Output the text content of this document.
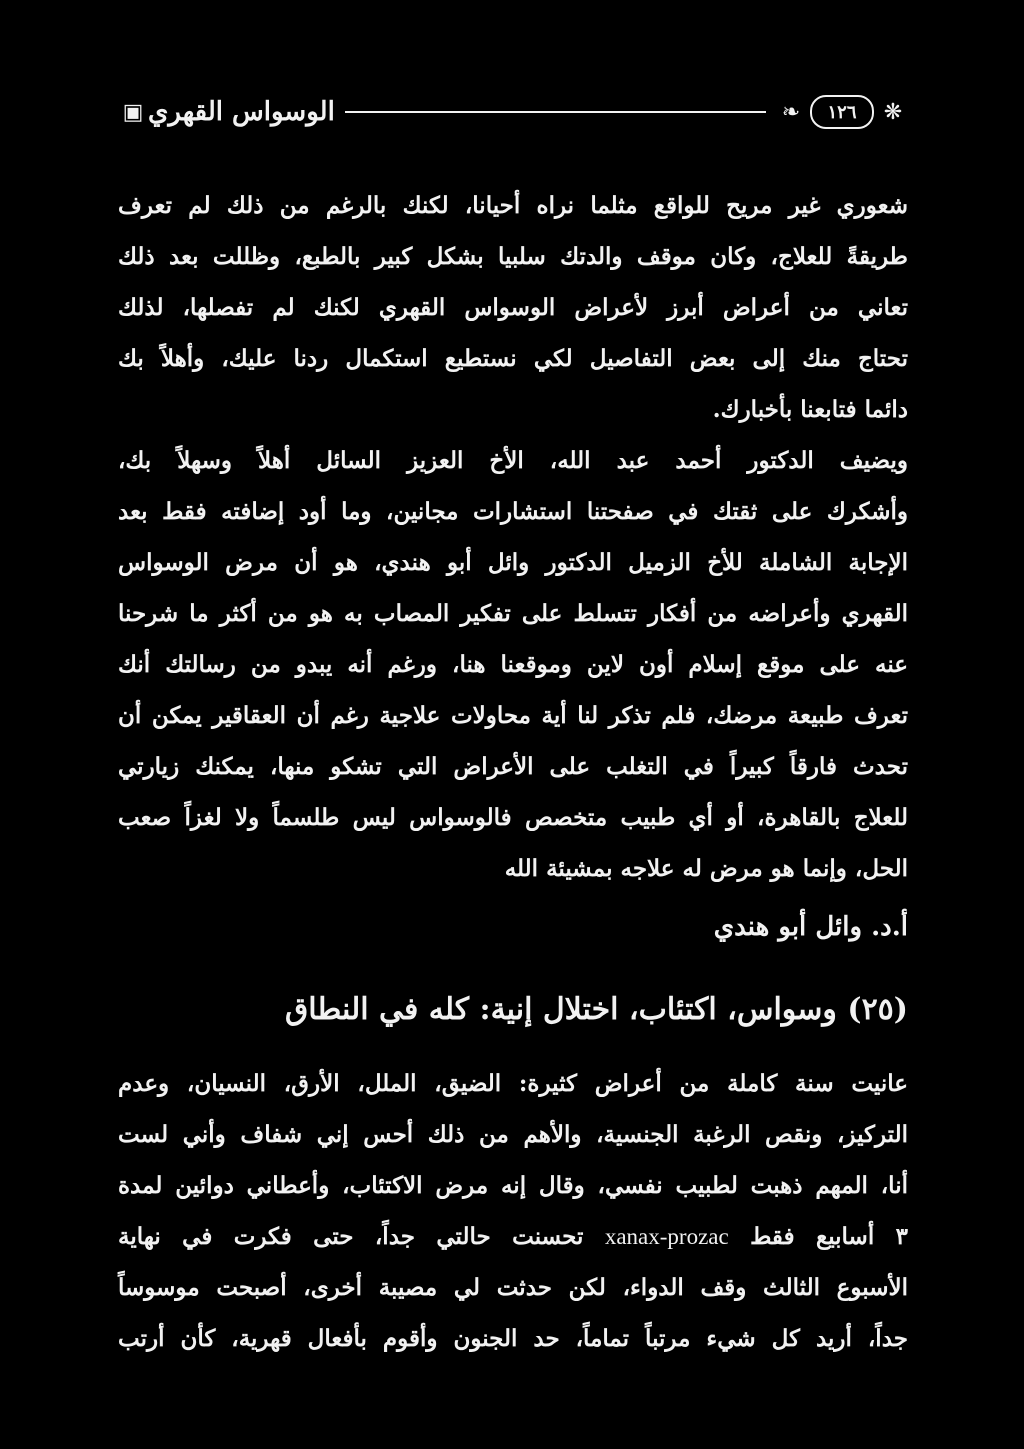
❋
١٢٦
❧
الوسواس القهري
▣
شعوري غير مريح للواقع مثلما نراه أحيانا، لكنك بالرغم من ذلك لم تعرف
طريقةً للعلاج، وكان موقف والدتك سلبيا بشكل كبير بالطبع، وظللت بعد ذلك
تعاني من أعراض أبرز لأعراض الوسواس القهري لكنك لم تفصلها، لذلك
تحتاج منك إلى بعض التفاصيل لكي نستطيع استكمال ردنا عليك، وأهلاً بك
دائما فتابعنا بأخبارك.
ويضيف الدكتور أحمد عبد الله، الأخ العزيز السائل أهلاً وسهلاً بك،
وأشكرك على ثقتك في صفحتنا استشارات مجانين، وما أود إضافته فقط بعد
الإجابة الشاملة للأخ الزميل الدكتور وائل أبو هندي، هو أن مرض الوسواس
القهري وأعراضه من أفكار تتسلط على تفكير المصاب به هو من أكثر ما شرحنا
عنه على موقع إسلام أون لاين وموقعنا هنا، ورغم أنه يبدو من رسالتك أنك
تعرف طبيعة مرضك، فلم تذكر لنا أية محاولات علاجية رغم أن العقاقير يمكن أن
تحدث فارقاً كبيراً في التغلب على الأعراض التي تشكو منها، يمكنك زيارتي
للعلاج بالقاهرة، أو أي طبيب متخصص فالوسواس ليس طلسماً ولا لغزاً صعب
الحل، وإنما هو مرض له علاجه بمشيئة الله
أ.د. وائل أبو هندي
(٢٥) وسواس، اكتئاب، اختلال إنية: كله في النطاق
عانيت سنة كاملة من أعراض كثيرة: الضيق، الملل، الأرق، النسيان، وعدم
التركيز، ونقص الرغبة الجنسية، والأهم من ذلك أحس إني شفاف وأني لست
أنا، المهم ذهبت لطبيب نفسي، وقال إنه مرض الاكتئاب، وأعطاني دوائين لمدة
٣ أسابيع فقط xanax-prozac تحسنت حالتي جداً، حتى فكرت في نهاية
الأسبوع الثالث وقف الدواء، لكن حدثت لي مصيبة أخرى، أصبحت موسوساً
جداً، أريد كل شيء مرتباً تماماً، حد الجنون وأقوم بأفعال قهرية، كأن أرتب
